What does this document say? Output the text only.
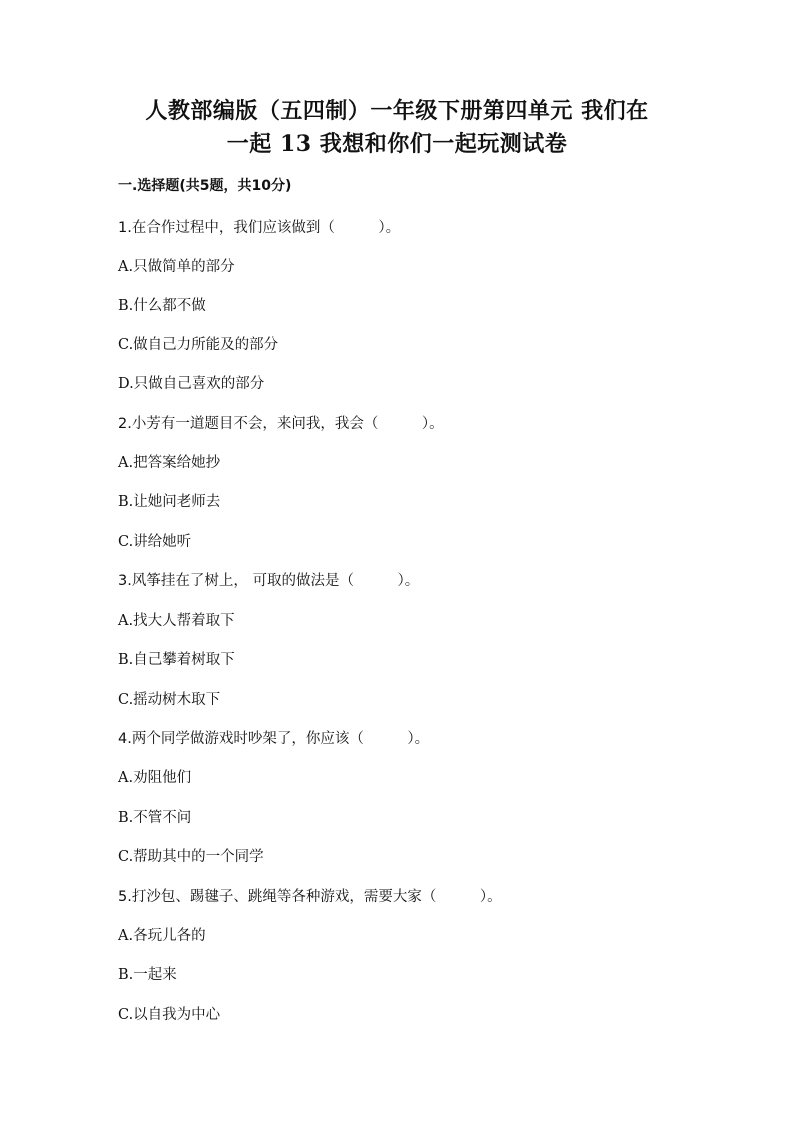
人教部编版（五四制）一年级下册第四单元 我们在
一起 13 我想和你们一起玩测试卷
一.选择题(共5题，共10分)
1.在合作过程中，我们应该做到（　　　）。
A.只做简单的部分
B.什么都不做
C.做自己力所能及的部分
D.只做自己喜欢的部分
2.小芳有一道题目不会，来问我，我会（　　　）。
A.把答案给她抄
B.让她问老师去
C.讲给她听
3.风筝挂在了树上， 可取的做法是（　　　）。
A.找大人帮着取下
B.自己攀着树取下
C.摇动树木取下
4.两个同学做游戏时吵架了，你应该（　　　）。
A.劝阻他们
B.不管不问
C.帮助其中的一个同学
5.打沙包、踢毽子、跳绳等各种游戏，需要大家（　　　）。
A.各玩儿各的
B.一起来
C.以自我为中心
